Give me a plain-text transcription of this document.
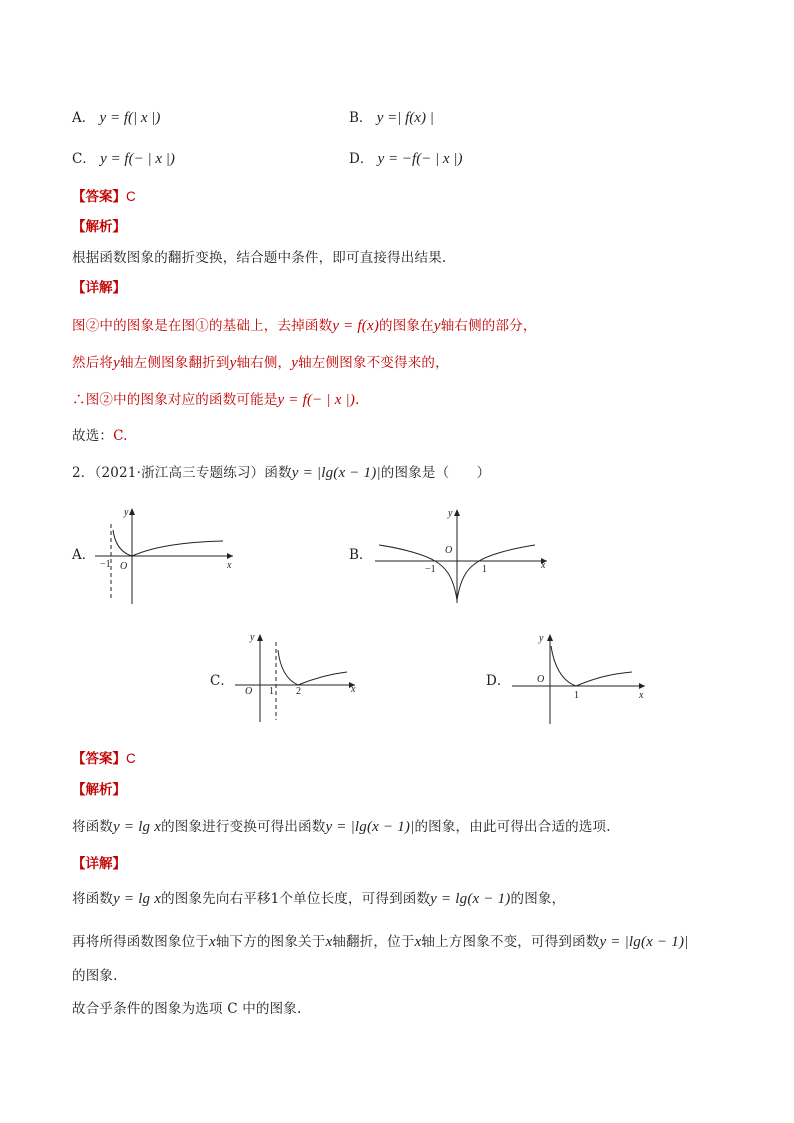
A． y = f(| x |)	B． y =| f(x) |
C． y = f(− | x |)	D． y = −f(− | x |)
【答案】C
【解析】
根据函数图象的翻折变换，结合题中条件，即可直接得出结果.
【详解】
图②中的图象是在图①的基础上，去掉函数y = f(x)的图象在y轴右侧的部分，
然后将y轴左侧图象翻折到y轴右侧，y轴左侧图象不变得来的，
∴图②中的图象对应的函数可能是y = f(− | x |).
故选：C.
2．（2021·浙江高三专题练习）函数y = |lg(x − 1)|的图象是（　　）
A．	B．
C．	D．
x
y
O
−1	x
y
O
−1	1
x
y
O 1 2	x
y
O
1
【答案】C
【解析】
将函数y = lg x的图象进行变换可得出函数y = |lg(x − 1)|的图象，由此可得出合适的选项.
【详解】
将函数y = lg x的图象先向右平移1个单位长度，可得到函数y = lg(x − 1)的图象，
再将所得函数图象位于x轴下方的图象关于x轴翻折，位于x轴上方图象不变，可得到函数y = |lg(x − 1)|
的图象.
故合乎条件的图象为选项 C 中的图象.
